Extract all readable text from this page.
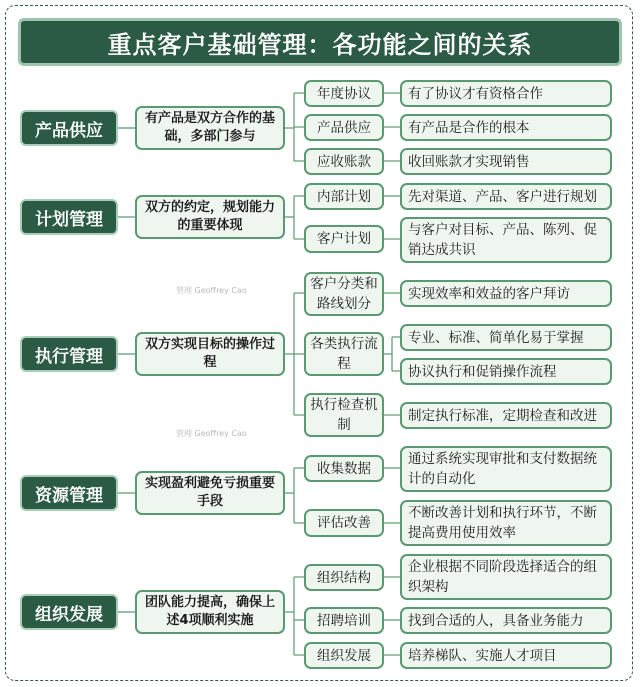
重点客户基础管理：各功能之间的关系
管理 Geoffrey Cao
管理 Geoffrey Cao
产品供应
有产品是双方合作的基础，多部门参与
年度协议
产品供应
应收账款
有了协议才有资格合作
有产品是合作的根本
收回账款才实现销售
计划管理
双方的约定，规划能力的重要体现
内部计划
客户计划
先对渠道、产品、客户进行规划
与客户对目标、产品、陈列、促销达成共识
执行管理
双方实现目标的操作过程
客户分类和路线划分
各类执行流程
执行检查机制
实现效率和效益的客户拜访
专业、标准、简单化易于掌握
协议执行和促销操作流程
制定执行标准，定期检查和改进
资源管理
实现盈利避免亏损重要手段
收集数据
评估改善
通过系统实现审批和支付数据统计的自动化
不断改善计划和执行环节，不断提高费用使用效率
组织发展
团队能力提高，确保上述4项顺利实施
组织结构
招聘培训
组织发展
企业根据不同阶段选择适合的组织架构
找到合适的人，具备业务能力
培养梯队、实施人才项目
